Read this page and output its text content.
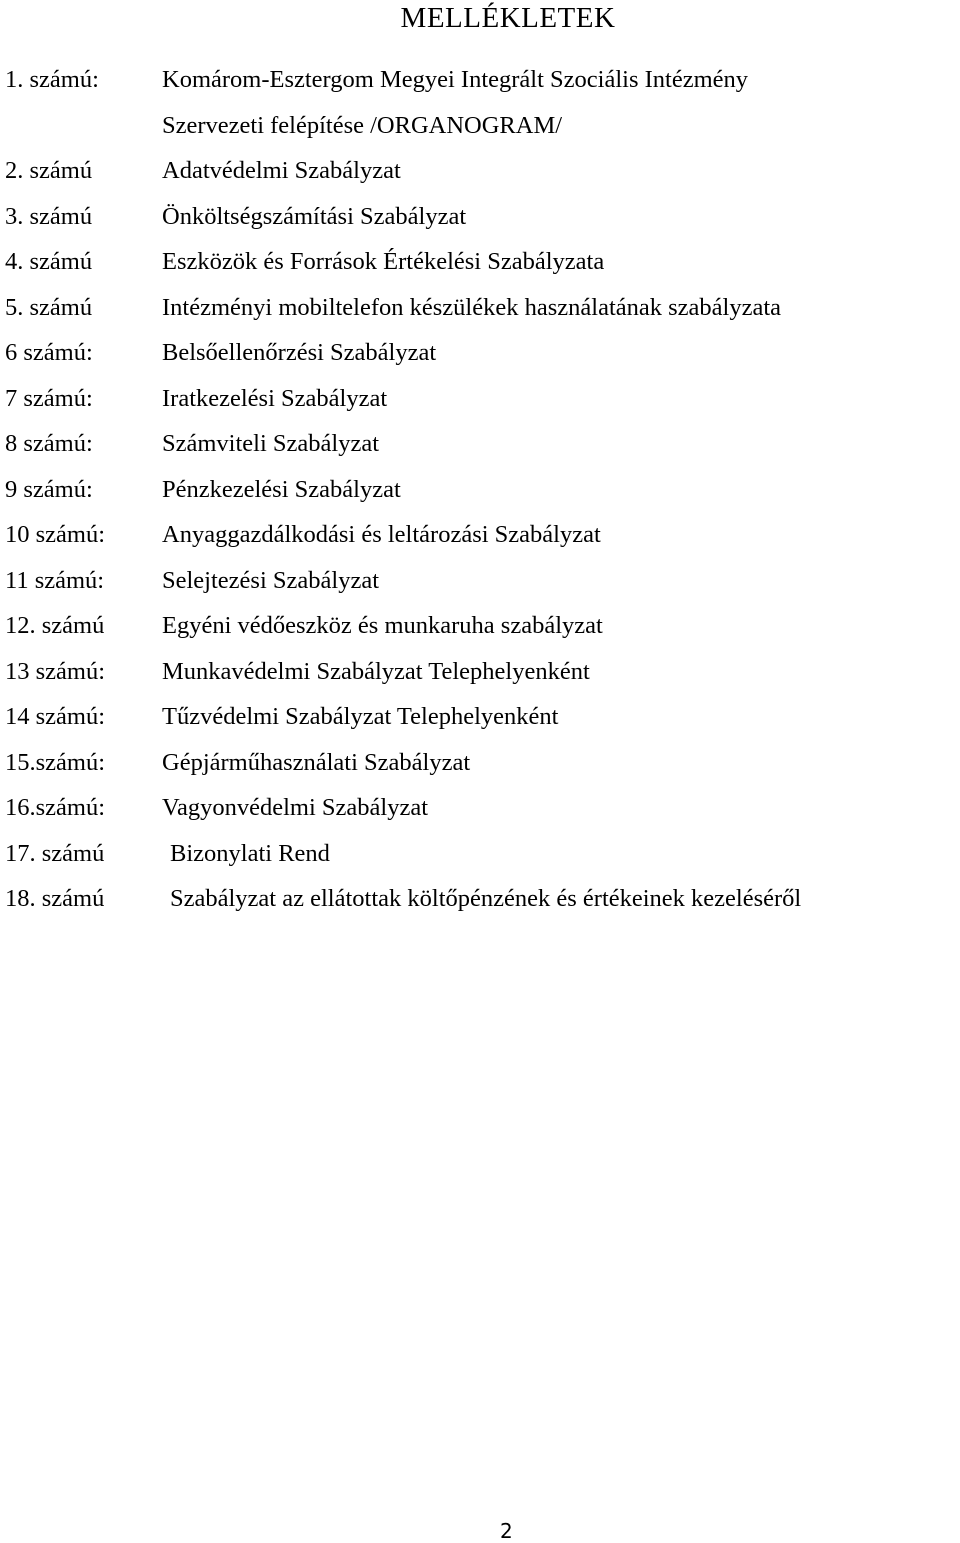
MELLÉKLETEK
1. számú:	Komárom-Esztergom Megyei Integrált Szociális Intézmény
Szervezeti felépítése /ORGANOGRAM/
2. számú	Adatvédelmi Szabályzat
3. számú	Önköltségszámítási Szabályzat
4. számú	Eszközök és Források Értékelési Szabályzata
5. számú	Intézményi mobiltelefon készülékek használatának szabályzata
6 számú:	Belsőellenőrzési Szabályzat
7 számú:	Iratkezelési Szabályzat
8 számú:	Számviteli Szabályzat
9 számú:	Pénzkezelési Szabályzat
10 számú:	Anyaggazdálkodási és leltározási Szabályzat
11 számú:	Selejtezési Szabályzat
12. számú	Egyéni védőeszköz és munkaruha szabályzat
13 számú:	Munkavédelmi Szabályzat Telephelyenként
14 számú:	Tűzvédelmi Szabályzat Telephelyenként
15.számú:	Gépjárműhasználati Szabályzat
16.számú:	Vagyonvédelmi Szabályzat
17. számú	Bizonylati Rend
18. számú	Szabályzat az ellátottak költőpénzének és értékeinek kezeléséről
2
